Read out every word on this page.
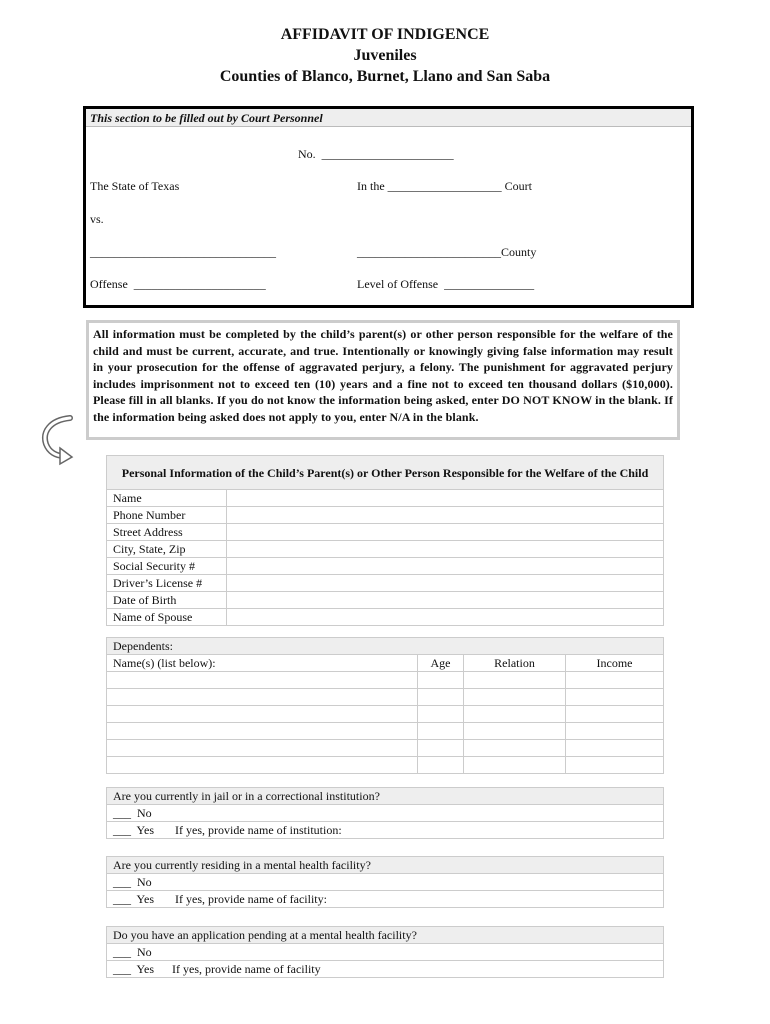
AFFIDAVIT OF INDIGENCE
Juveniles
Counties of Blanco, Burnet, Llano and San Saba
This section to be filled out by Court Personnel
No.  ______________________
The State of Texas	In the ___________________ Court
vs.
_______________________________	________________________County
Offense  ______________________	Level of Offense  _______________
All information must be completed by the child’s parent(s) or other person responsible for the welfare of the child and must be current, accurate, and true. Intentionally or knowingly giving false information may result in your prosecution for the offense of aggravated perjury, a felony. The punishment for aggravated perjury includes imprisonment not to exceed ten (10) years and a fine not to exceed ten thousand dollars ($10,000). Please fill in all blanks. If you do not know the information being asked, enter DO NOT KNOW in the blank. If the information being asked does not apply to you, enter N/A in the blank.
Personal Information of the Child’s Parent(s) or Other Person Responsible for the Welfare of the Child	
Name	
Phone Number	
Street Address	
City, State, Zip	
Social Security #	
Driver’s License #	
Date of Birth	
Name of Spouse	
Dependents:			
Name(s) (list below):	Age	Relation	Income

Are you currently in jail or in a correctional institution?
___  No
___  Yes       If yes, provide name of institution:
Are you currently residing in a mental health facility?
___  No
___  Yes       If yes, provide name of facility:
Do you have an application pending at a mental health facility?
___  No
___  Yes      If yes, provide name of facility
